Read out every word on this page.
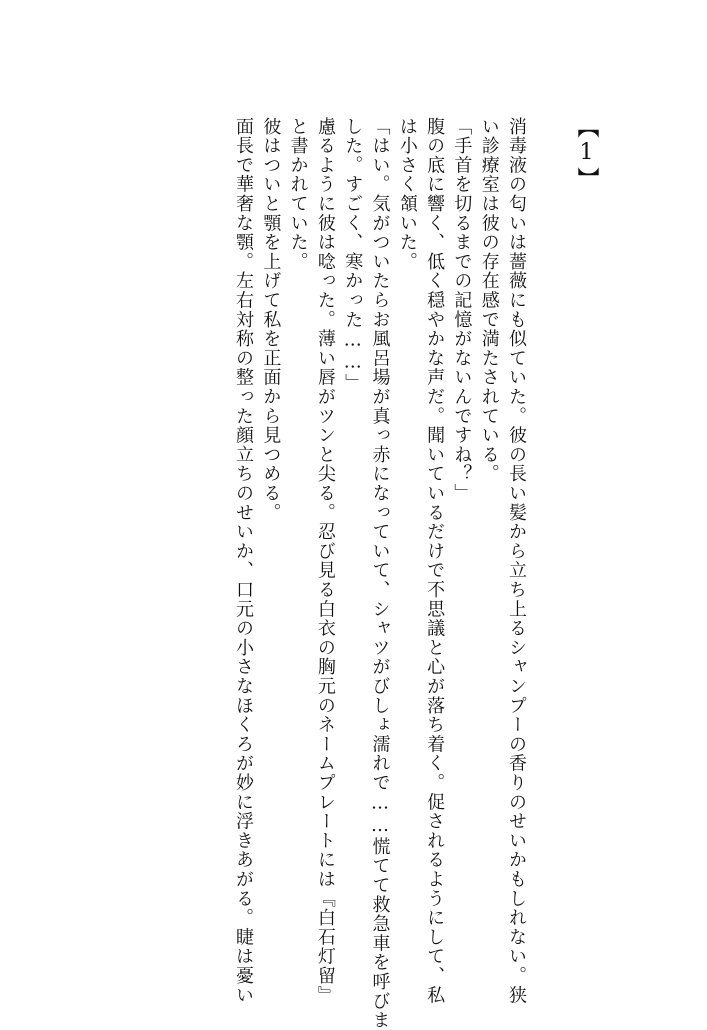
【1】
消毒液の匂いは薔薇にも似ていた。彼の長い髪から立ち上るシャンプーの香りのせいかもしれない。狭
い診療室は彼の存在感で満たされている。
「手首を切るまでの記憶がないんですね？」
腹の底に響く、低く穏やかな声だ。聞いているだけで不思議と心が落ち着く。促されるようにして、私
は小さく頷いた。
「はい。気がついたらお風呂場が真っ赤になっていて、シャツがびしょ濡れで……慌てて救急車を呼びま
した。すごく、寒かった……」
慮るように彼は唸った。薄い唇がツンと尖る。忍び見る白衣の胸元のネームプレートには『白石灯留』
と書かれていた。
彼はついと顎を上げて私を正面から見つめる。
面長で華奢な顎。左右対称の整った顔立ちのせいか、口元の小さなほくろが妙に浮きあがる。睫は憂い
